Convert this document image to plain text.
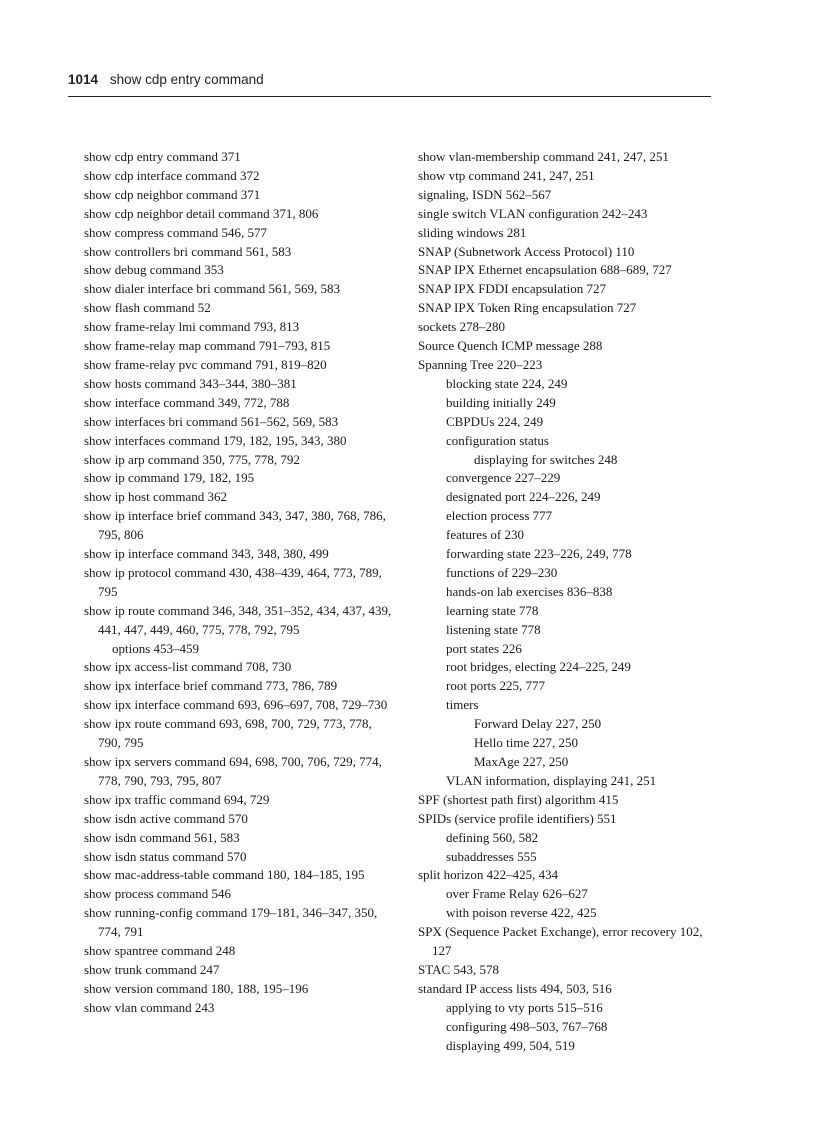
1014 show cdp entry command
show cdp entry command 371
show cdp interface command 372
show cdp neighbor command 371
show cdp neighbor detail command 371, 806
show compress command 546, 577
show controllers bri command 561, 583
show debug command 353
show dialer interface bri command 561, 569, 583
show flash command 52
show frame-relay lmi command 793, 813
show frame-relay map command 791–793, 815
show frame-relay pvc command 791, 819–820
show hosts command 343–344, 380–381
show interface command 349, 772, 788
show interfaces bri command 561–562, 569, 583
show interfaces command 179, 182, 195, 343, 380
show ip arp command 350, 775, 778, 792
show ip command 179, 182, 195
show ip host command 362
show ip interface brief command 343, 347, 380, 768, 786, 795, 806
show ip interface command 343, 348, 380, 499
show ip protocol command 430, 438–439, 464, 773, 789, 795
show ip route command 346, 348, 351–352, 434, 437, 439, 441, 447, 449, 460, 775, 778, 792, 795
options 453–459
show ipx access-list command 708, 730
show ipx interface brief command 773, 786, 789
show ipx interface command 693, 696–697, 708, 729–730
show ipx route command 693, 698, 700, 729, 773, 778, 790, 795
show ipx servers command 694, 698, 700, 706, 729, 774, 778, 790, 793, 795, 807
show ipx traffic command 694, 729
show isdn active command 570
show isdn command 561, 583
show isdn status command 570
show mac-address-table command 180, 184–185, 195
show process command 546
show running-config command 179–181, 346–347, 350, 774, 791
show spantree command 248
show trunk command 247
show version command 180, 188, 195–196
show vlan command 243
show vlan-membership command 241, 247, 251
show vtp command 241, 247, 251
signaling, ISDN 562–567
single switch VLAN configuration 242–243
sliding windows 281
SNAP (Subnetwork Access Protocol) 110
SNAP IPX Ethernet encapsulation 688–689, 727
SNAP IPX FDDI encapsulation 727
SNAP IPX Token Ring encapsulation 727
sockets 278–280
Source Quench ICMP message 288
Spanning Tree 220–223
blocking state 224, 249
building initially 249
CBPDUs 224, 249
configuration status
displaying for switches 248
convergence 227–229
designated port 224–226, 249
election process 777
features of 230
forwarding state 223–226, 249, 778
functions of 229–230
hands-on lab exercises 836–838
learning state 778
listening state 778
port states 226
root bridges, electing 224–225, 249
root ports 225, 777
timers
Forward Delay 227, 250
Hello time 227, 250
MaxAge 227, 250
VLAN information, displaying 241, 251
SPF (shortest path first) algorithm 415
SPIDs (service profile identifiers) 551
defining 560, 582
subaddresses 555
split horizon 422–425, 434
over Frame Relay 626–627
with poison reverse 422, 425
SPX (Sequence Packet Exchange), error recovery 102, 127
STAC 543, 578
standard IP access lists 494, 503, 516
applying to vty ports 515–516
configuring 498–503, 767–768
displaying 499, 504, 519
